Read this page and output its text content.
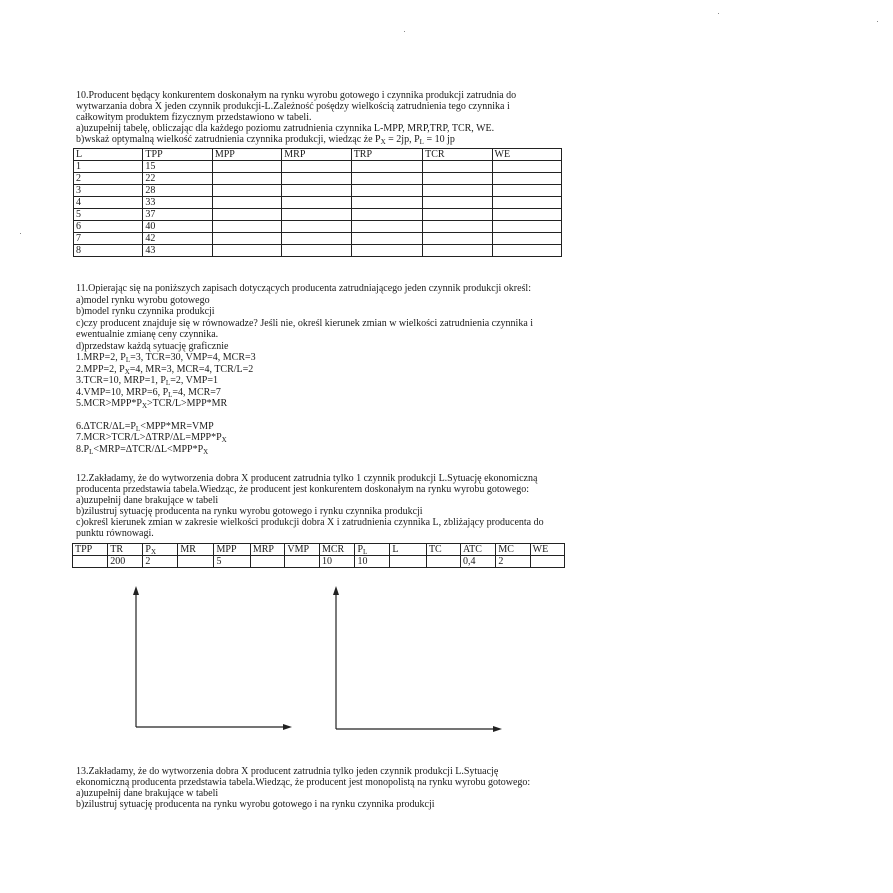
10.Producent będący konkurentem doskonałym na rynku wyrobu gotowego i czynnika produkcji zatrudnia do
wytwarzania dobra X jeden czynnik produkcji-L.Zależność pośędzy wielkością zatrudnienia tego czynnika i
całkowitym produktem fizycznym przedstawiono w tabeli.
a)uzupełnij tabelę, obliczając dla każdego poziomu zatrudnienia czynnika L-MPP, MRP,TRP, TCR, WE.
b)wskaż optymalną wielkość zatrudnienia czynnika produkcji, wiedząc że $P_X = 2jp$, $P_L = 10$ jp
L	TPP	MPP	MRP	TRP	TCR	WE
1	15					
2	22					
3	28					
4	33					
5	37					
6	40					
7	42					
8	43					
11.Opierając się na poniższych zapisach dotyczących producenta zatrudniającego jeden czynnik produkcji określ:
a)model rynku wyrobu gotowego
b)model rynku czynnika produkcji
c)czy producent znajduje się w równowadze? Jeśli nie, określ kierunek zmian w wielkości zatrudnienia czynnika i
ewentualnie zmianę ceny czynnika.
d)przedstaw każdą sytuację graficznie
1.MRP=2, $P_L=3$, TCR=30, VMP=4, MCR=3
2.MPP=2, $P_X=4$, MR=3, MCR=4, TCR/L=2
3.TCR=10, MRP=1, $P_L=2$, VMP=1
4.VMP=10, MRP=6, $P_L=4$, MCR=7
$5.MCR>MPP*P_X>TCR/L>MPP*MR$
$6.\Delta TCR/\Delta L=P_L<MPP*MR=VMP$
$7.MCR>TCR/L>\Delta TRP/\Delta L=MPP*P_X$
$8.P_L<MRP=\Delta TCR/\Delta L<MPP*P_X$
12.Zakładamy, że do wytworzenia dobra X producent zatrudnia tylko 1 czynnik produkcji L.Sytuację ekonomiczną
producenta przedstawia tabela.Wiedząc, że producent jest konkurentem doskonałym na rynku wyrobu gotowego:
a)uzupełnij dane brakujące w tabeli
b)zilustruj sytuację producenta na rynku wyrobu gotowego i rynku czynnika produkcji
c)określ kierunek zmian w zakresie wielkości produkcji dobra X i zatrudnienia czynnika L, zbliżający producenta do
punktu równowagi.
TPP	TR	$P_X$	MR	MPP	MRP	VMP	MCR	$P_L$	L	TC	ATC	MC	WE
	200	2		5			10	10			0,4	2	
13.Zakładamy, że do wytworzenia dobra X producent zatrudnia tylko jeden czynnik produkcji L.Sytuację
ekonomiczną producenta przedstawia tabela.Wiedząc, że producent jest monopolistą na rynku wyrobu gotowego:
a)uzupełnij dane brakujące w tabeli
b)zilustruj sytuację producenta na rynku wyrobu gotowego i na rynku czynnika produkcji
